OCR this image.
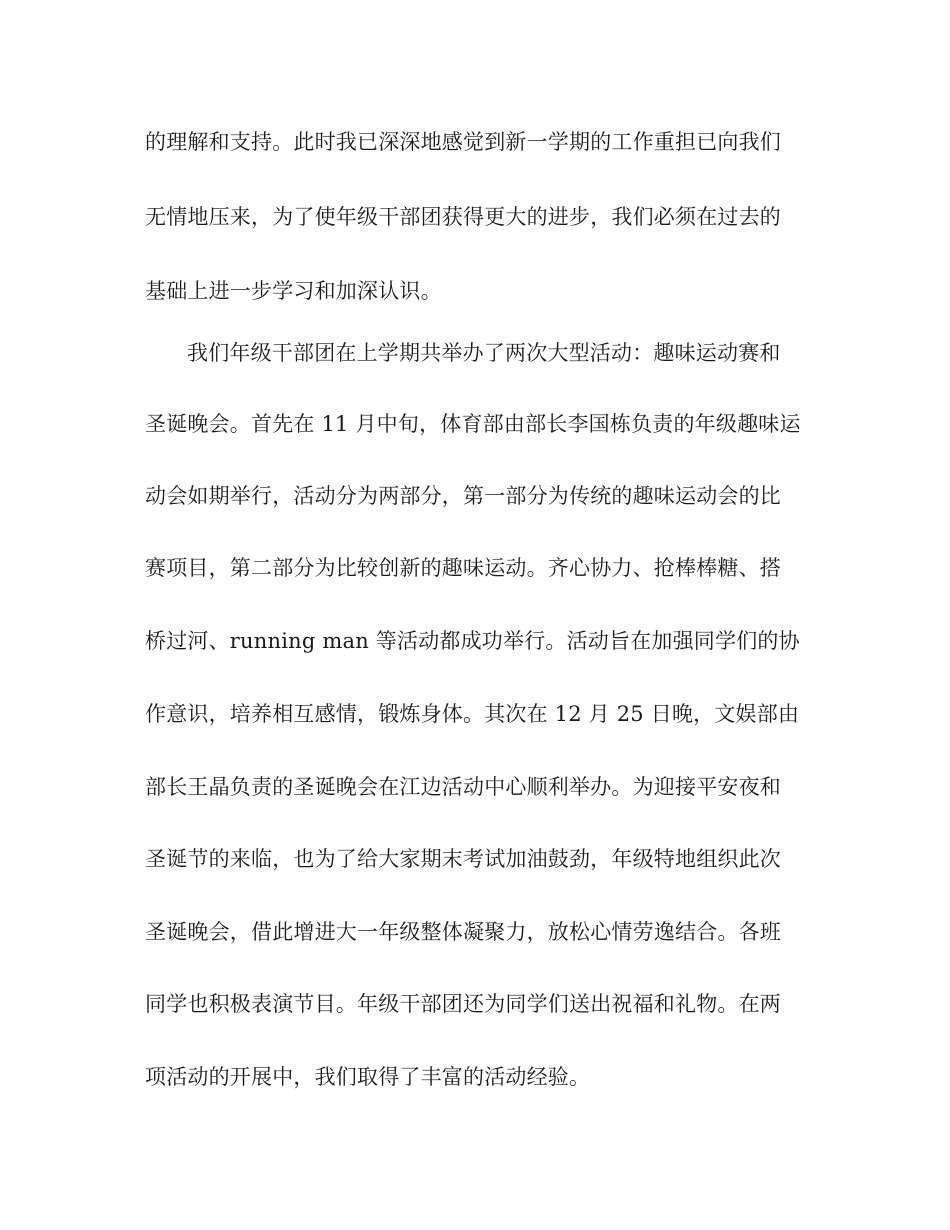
的理解和支持。此时我已深深地感觉到新一学期的工作重担已向我们
无情地压来，为了使年级干部团获得更大的进步，我们必须在过去的
基础上进一步学习和加深认识。
我们年级干部团在上学期共举办了两次大型活动：趣味运动赛和
圣诞晚会。首先在 11 月中旬，体育部由部长李国栋负责的年级趣味运
动会如期举行，活动分为两部分，第一部分为传统的趣味运动会的比
赛项目，第二部分为比较创新的趣味运动。齐心协力、抢棒棒糖、搭
桥过河、running man 等活动都成功举行。活动旨在加强同学们的协
作意识，培养相互感情，锻炼身体。其次在 12 月 25 日晚，文娱部由
部长王晶负责的圣诞晚会在江边活动中心顺利举办。为迎接平安夜和
圣诞节的来临，也为了给大家期末考试加油鼓劲，年级特地组织此次
圣诞晚会，借此增进大一年级整体凝聚力，放松心情劳逸结合。各班
同学也积极表演节目。年级干部团还为同学们送出祝福和礼物。在两
项活动的开展中，我们取得了丰富的活动经验。
